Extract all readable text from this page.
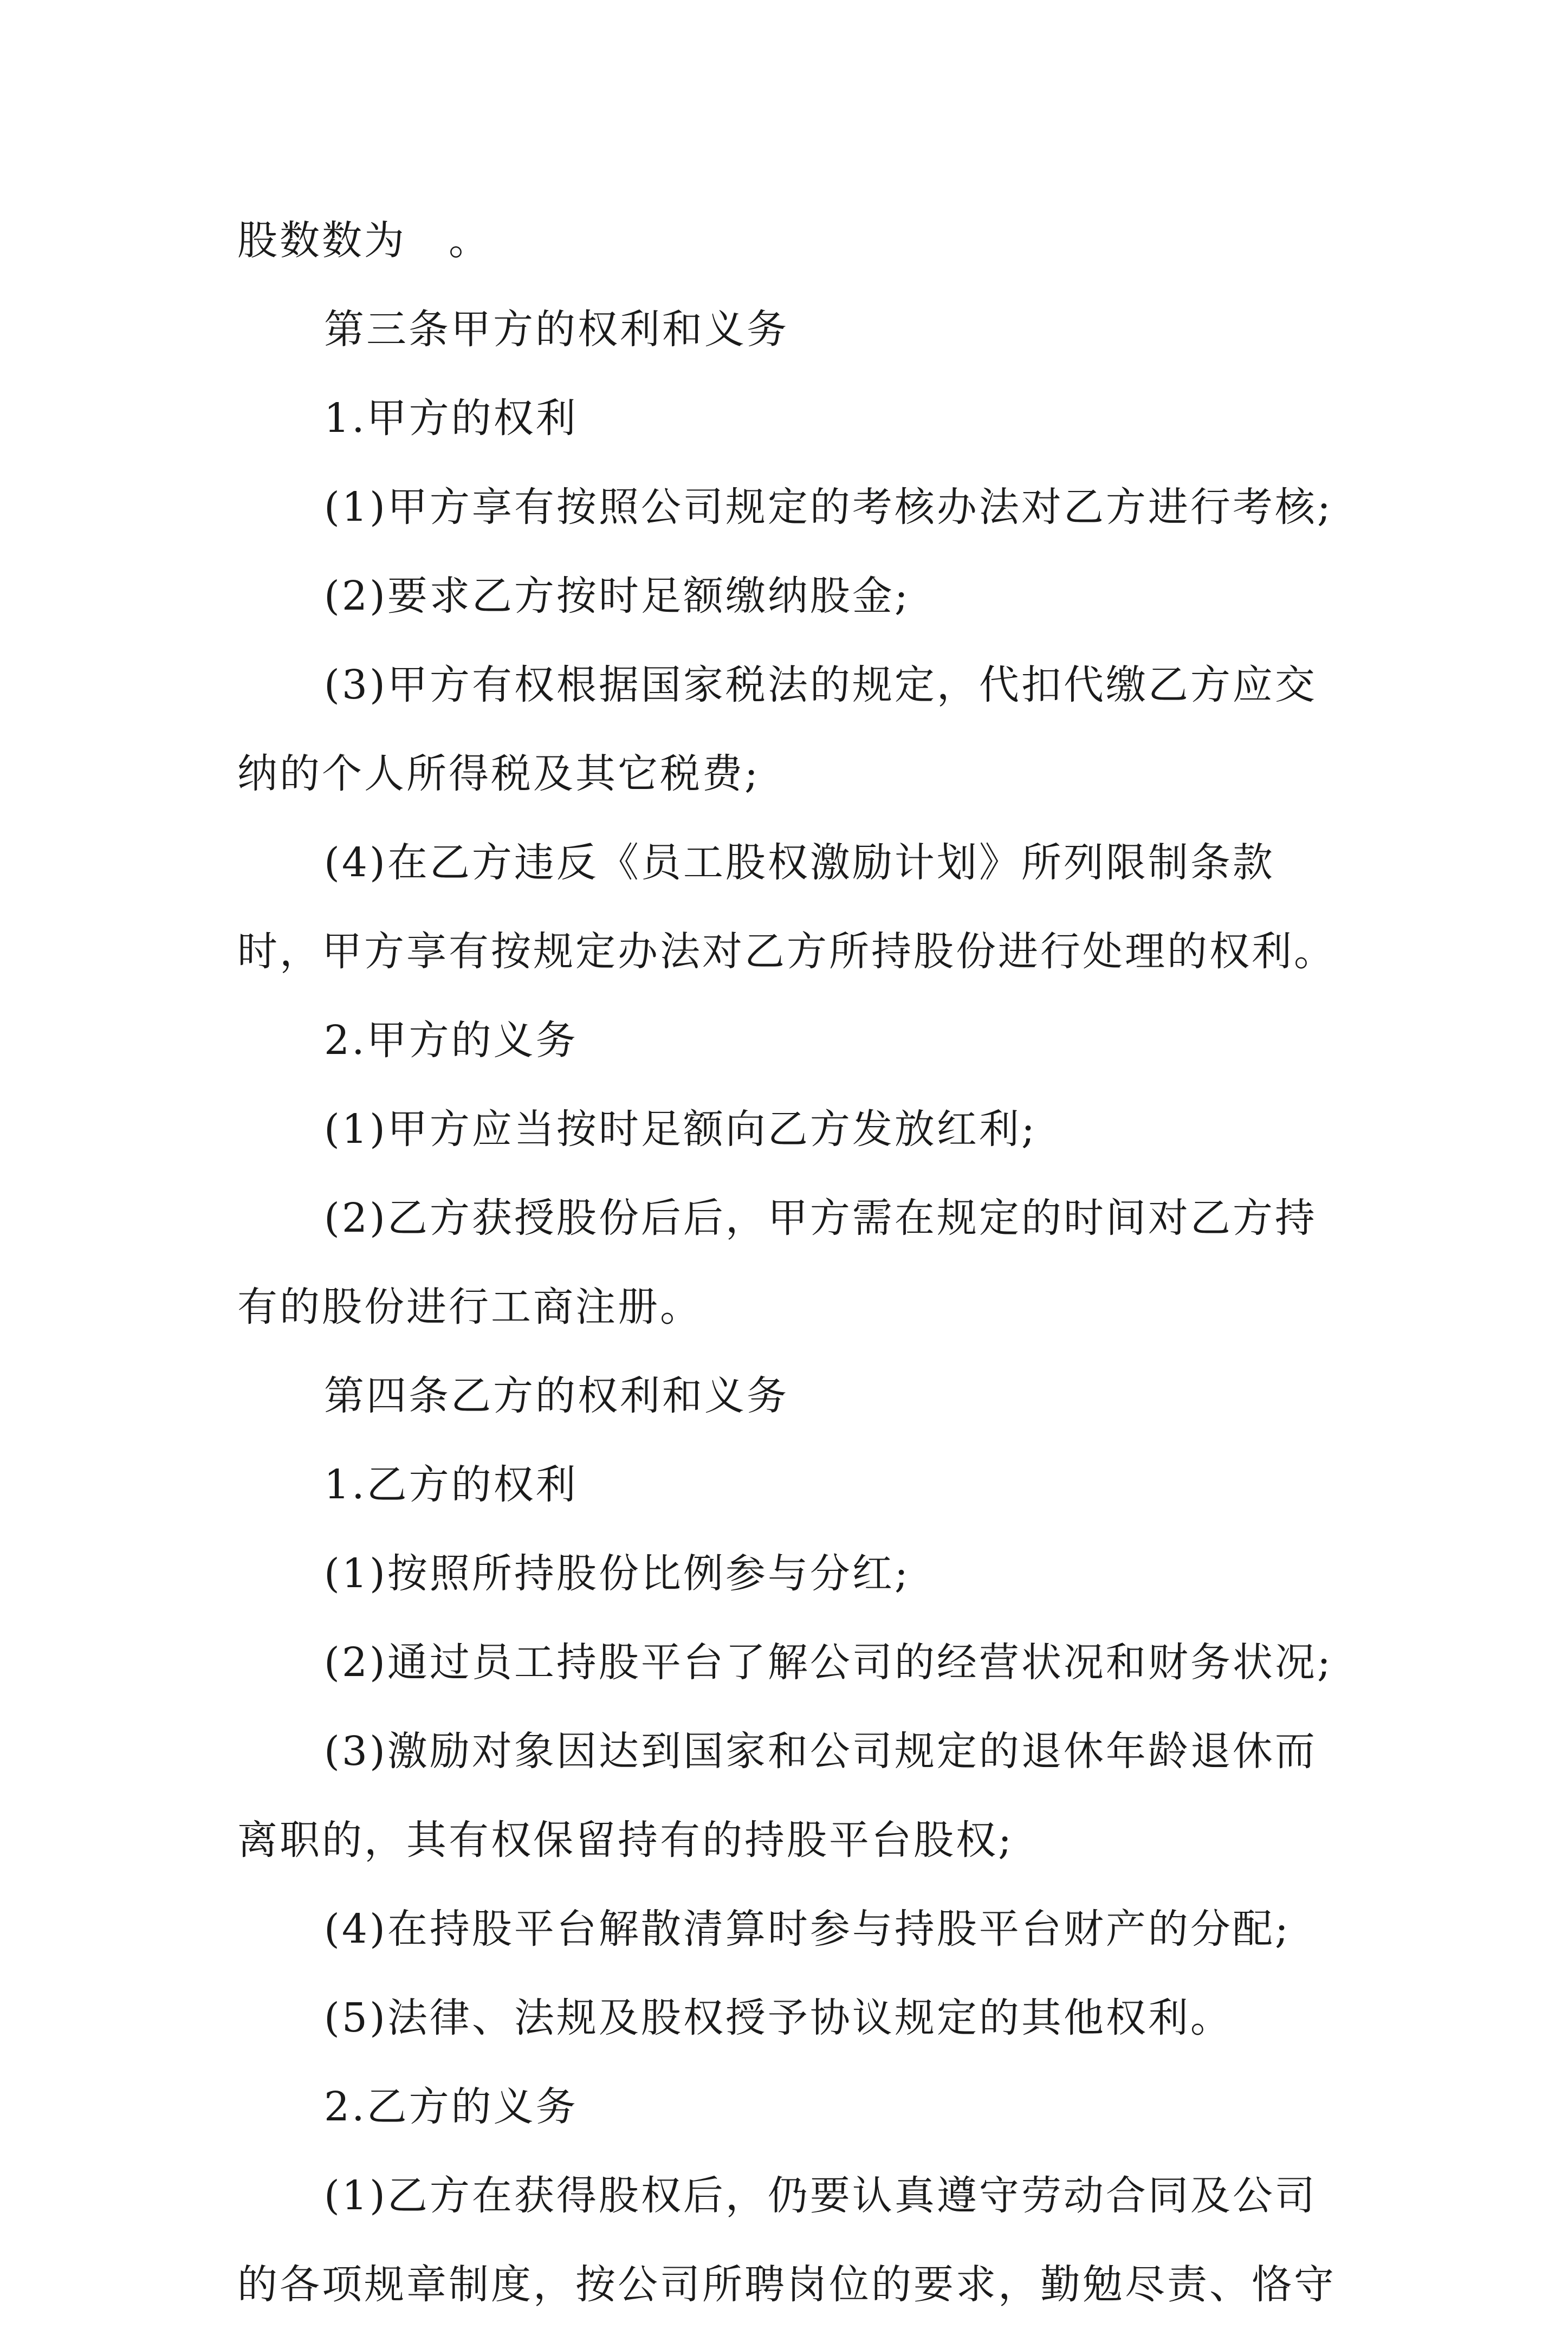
股数数为　。

第三条甲方的权利和义务

1.甲方的权利

(1)甲方享有按照公司规定的考核办法对乙方进行考核;

(2)要求乙方按时足额缴纳股金;

(3)甲方有权根据国家税法的规定，代扣代缴乙方应交纳的个人所得税及其它税费;

(4)在乙方违反《员工股权激励计划》所列限制条款时，甲方享有按规定办法对乙方所持股份进行处理的权利。

2.甲方的义务

(1)甲方应当按时足额向乙方发放红利;

(2)乙方获授股份后后，甲方需在规定的时间对乙方持有的股份进行工商注册。

第四条乙方的权利和义务

1.乙方的权利

(1)按照所持股份比例参与分红;

(2)通过员工持股平台了解公司的经营状况和财务状况;

(3)激励对象因达到国家和公司规定的退休年龄退休而离职的，其有权保留持有的持股平台股权;

(4)在持股平台解散清算时参与持股平台财产的分配;

(5)法律、法规及股权授予协议规定的其他权利。

2.乙方的义务

(1)乙方在获得股权后，仍要认真遵守劳动合同及公司的各项规章制度，按公司所聘岗位的要求，勤勉尽责、恪守
